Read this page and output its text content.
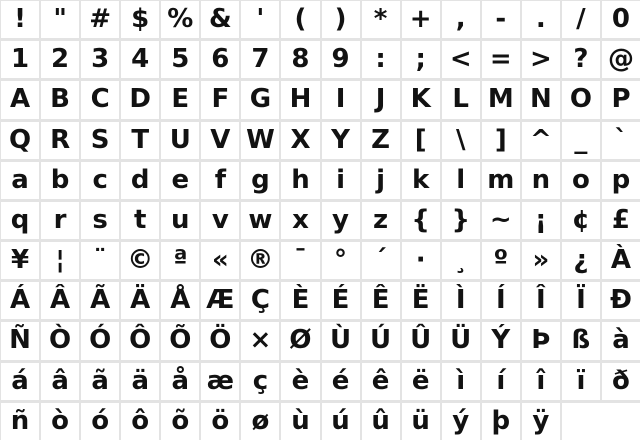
!	" # $ % & '	(	)	* + ,	-	.	/	0
1 2 3 4 5 6 7 8 9 :	; < = > ? @
A B C D E F G H I	J K L M N O P
Q R S T U V W X Y Z [	\	] ^ _	`
a b c d e f g h	i	j	k	l m n o p
q r s	t u v w x y z { } ~ ¡ ¢ £
¥	¦	¨ © ª « ® ¯	°	´	·	¸	º » ¿ À
Á Â Ã Ä Å Æ Ç È É Ê Ë	Ì	Í	Î	Ï Ð
Ñ Ò Ó Ô Õ Ö × Ø Ù Ú Û Ü Ý Þ ß à
á â ã ä å æ ç è é ê ë	ì	í	î	ï	ð
ñ ò ó ô õ ö ø ù ú û ü ý þ ÿ
